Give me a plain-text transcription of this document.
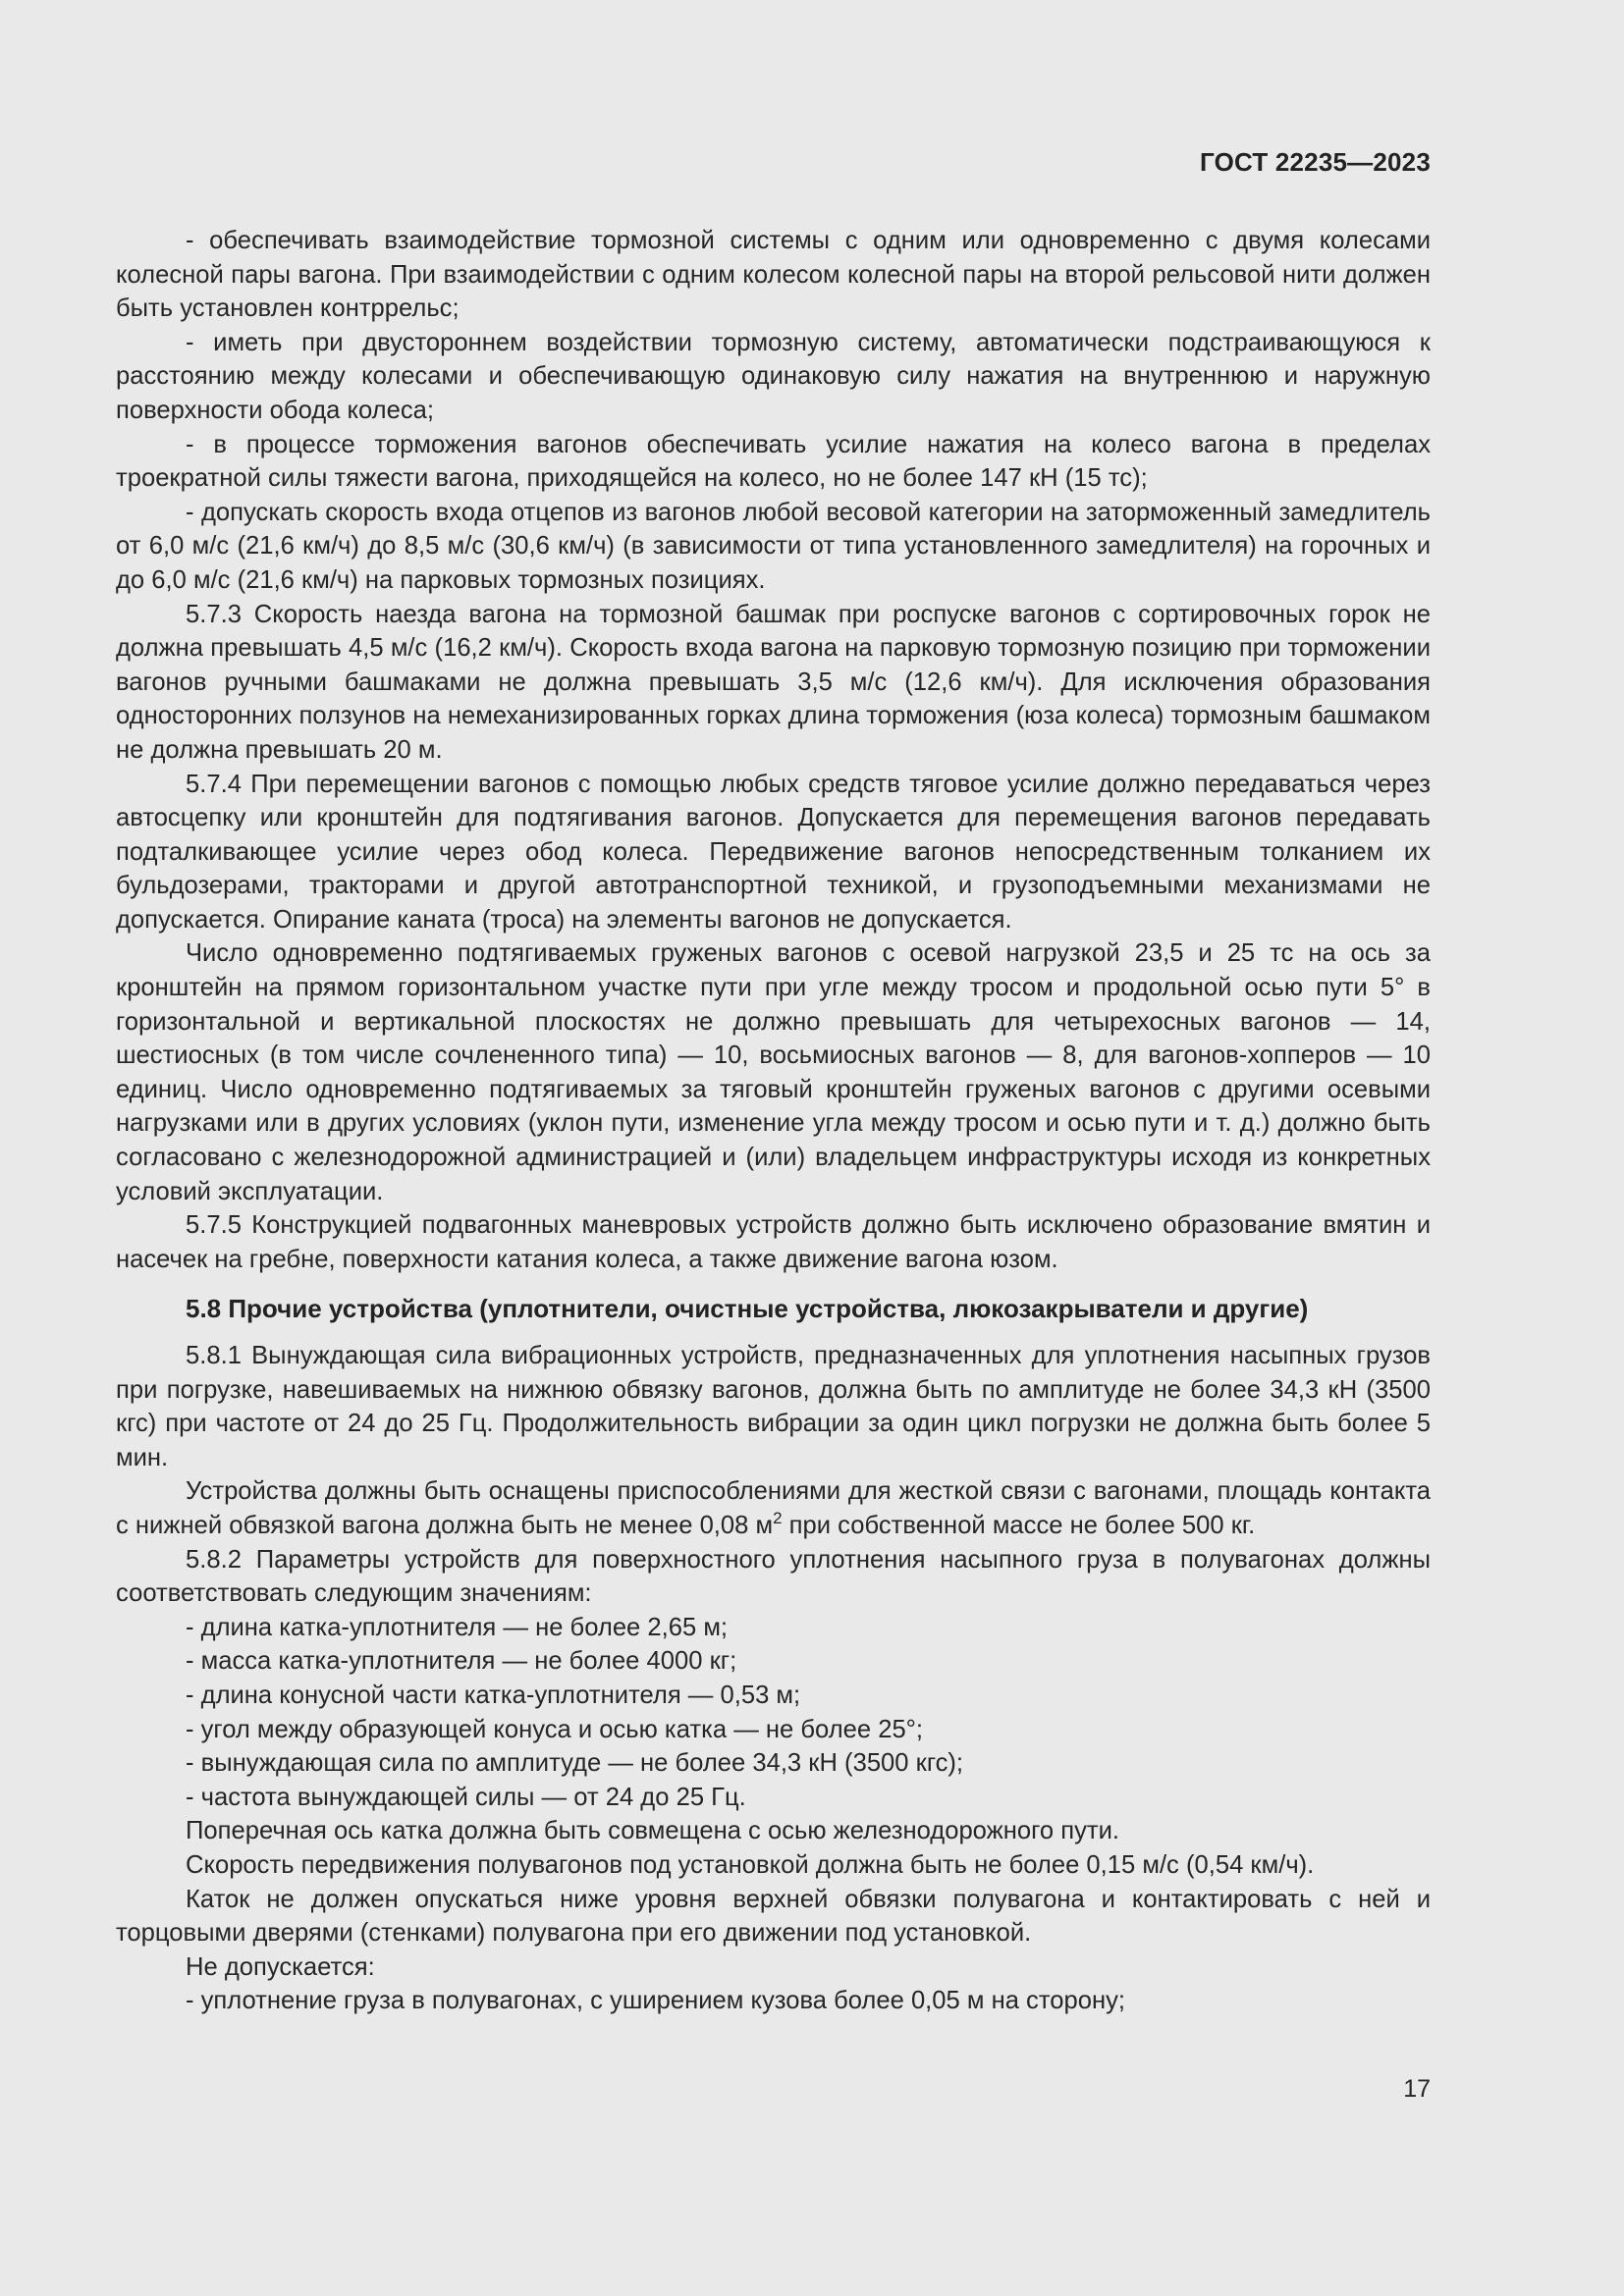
ГОСТ 22235—2023

- обеспечивать взаимодействие тормозной системы с одним или одновременно с двумя колесами колесной пары вагона. При взаимодействии с одним колесом колесной пары на второй рельсовой нити должен быть установлен контррельс;

- иметь при двустороннем воздействии тормозную систему, автоматически подстраивающуюся к расстоянию между колесами и обеспечивающую одинаковую силу нажатия на внутреннюю и наружную поверхности обода колеса;

- в процессе торможения вагонов обеспечивать усилие нажатия на колесо вагона в пределах троекратной силы тяжести вагона, приходящейся на колесо, но не более 147 кН (15 тс);

- допускать скорость входа отцепов из вагонов любой весовой категории на заторможенный замедлитель от 6,0 м/с (21,6 км/ч) до 8,5 м/с (30,6 км/ч) (в зависимости от типа установленного замедлителя) на горочных и до 6,0 м/с (21,6 км/ч) на парковых тормозных позициях.

5.7.3 Скорость наезда вагона на тормозной башмак при роспуске вагонов с сортировочных горок не должна превышать 4,5 м/с (16,2 км/ч). Скорость входа вагона на парковую тормозную позицию при торможении вагонов ручными башмаками не должна превышать 3,5 м/с (12,6 км/ч). Для исключения образования односторонних ползунов на немеханизированных горках длина торможения (юза колеса) тормозным башмаком не должна превышать 20 м.

5.7.4 При перемещении вагонов с помощью любых средств тяговое усилие должно передаваться через автосцепку или кронштейн для подтягивания вагонов. Допускается для перемещения вагонов передавать подталкивающее усилие через обод колеса. Передвижение вагонов непосредственным толканием их бульдозерами, тракторами и другой автотранспортной техникой, и грузоподъемными механизмами не допускается. Опирание каната (троса) на элементы вагонов не допускается.

Число одновременно подтягиваемых груженых вагонов с осевой нагрузкой 23,5 и 25 тс на ось за кронштейн на прямом горизонтальном участке пути при угле между тросом и продольной осью пути 5° в горизонтальной и вертикальной плоскостях не должно превышать для четырехосных вагонов — 14, шестиосных (в том числе сочлененного типа) — 10, восьмиосных вагонов — 8, для вагонов-хопперов — 10 единиц. Число одновременно подтягиваемых за тяговый кронштейн груженых вагонов с другими осевыми нагрузками или в других условиях (уклон пути, изменение угла между тросом и осью пути и т. д.) должно быть согласовано с железнодорожной администрацией и (или) владельцем инфраструктуры исходя из конкретных условий эксплуатации.

5.7.5 Конструкцией подвагонных маневровых устройств должно быть исключено образование вмятин и насечек на гребне, поверхности катания колеса, а также движение вагона юзом.

5.8 Прочие устройства (уплотнители, очистные устройства, люкозакрыватели и другие)

5.8.1 Вынуждающая сила вибрационных устройств, предназначенных для уплотнения насыпных грузов при погрузке, навешиваемых на нижнюю обвязку вагонов, должна быть по амплитуде не более 34,3 кН (3500 кгс) при частоте от 24 до 25 Гц. Продолжительность вибрации за один цикл погрузки не должна быть более 5 мин.

Устройства должны быть оснащены приспособлениями для жесткой связи с вагонами, площадь контакта с нижней обвязкой вагона должна быть не менее 0,08 $м^2$ при собственной массе не более 500 кг.

5.8.2 Параметры устройств для поверхностного уплотнения насыпного груза в полувагонах должны соответствовать следующим значениям:

- длина катка-уплотнителя — не более 2,65 м;

- масса катка-уплотнителя — не более 4000 кг;

- длина конусной части катка-уплотнителя — 0,53 м;

- угол между образующей конуса и осью катка — не более 25°;

- вынуждающая сила по амплитуде — не более 34,3 кН (3500 кгс);

- частота вынуждающей силы — от 24 до 25 Гц.

Поперечная ось катка должна быть совмещена с осью железнодорожного пути.

Скорость передвижения полувагонов под установкой должна быть не более 0,15 м/с (0,54 км/ч).

Каток не должен опускаться ниже уровня верхней обвязки полувагона и контактировать с ней и торцовыми дверями (стенками) полувагона при его движении под установкой.

Не допускается:

- уплотнение груза в полувагонах, с уширением кузова более 0,05 м на сторону;

17
